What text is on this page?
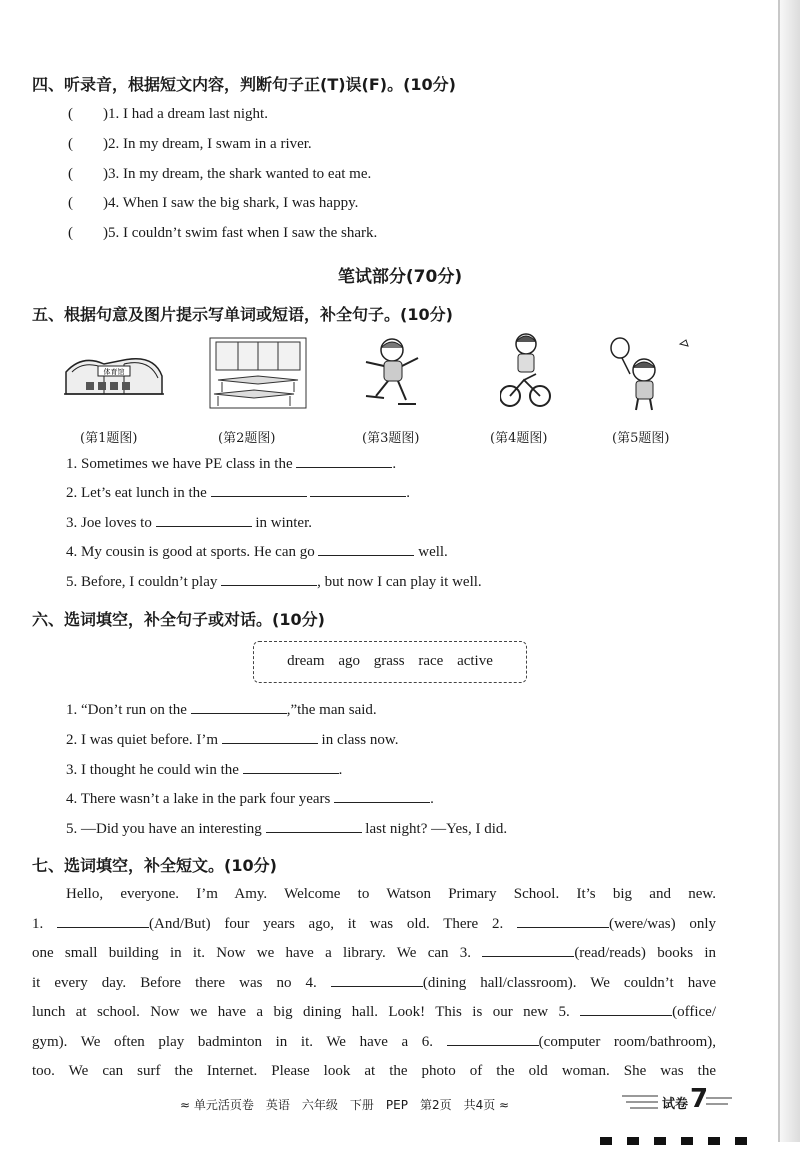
四、听录音，根据短文内容，判断句子正(T)误(F)。(10分)
(　　)1. I had a dream last night.
(　　)2. In my dream, I swam in a river.
(　　)3. In my dream, the shark wanted to eat me.
(　　)4. When I saw the big shark, I was happy.
(　　)5. I couldn’t swim fast when I saw the shark.
笔试部分(70分)
五、根据句意及图片提示写单词或短语，补全句子。(10分)
体育馆
(第1题图)	(第2题图)	(第3题图)	(第4题图)	(第5题图)
1. Sometimes we have PE class in the	.
2. Let’s eat lunch in the	.
3. Joe loves to	in winter.
4. My cousin is good at sports. He can go	well.
5. Before, I couldn’t play	, but now I can play it well.
六、选词填空，补全句子或对话。(10分)
dream ago grass race active
1. “Don’t run on the	,”the man said.
2. I was quiet before. I’m	in class now.
3. I thought he could win the	.
4. There wasn’t a lake in the park four years	.
5. —Did you have an interesting	last night? —Yes, I did.
七、选词填空，补全短文。(10分)
Hello, everyone. I’m Amy. Welcome to Watson Primary School. It’s big and new.
1.	(And/But) four years ago, it was old. There 2.	(were/was) only
one small building in it. Now we have a library. We can 3.	(read/reads) books in
it every day. Before there was no 4.	(dining hall/classroom). We couldn’t have
lunch at school. Now we have a big dining hall. Look! This is our new 5.	(office/
gym). We often play badminton in it. We have a 6.	(computer room/bathroom),
too. We can surf the Internet. Please look at the photo of the old woman. She was the
≈ 单元活页卷　英语　六年级　下册　PEP　第2页　共4页 ≈	试卷 7
